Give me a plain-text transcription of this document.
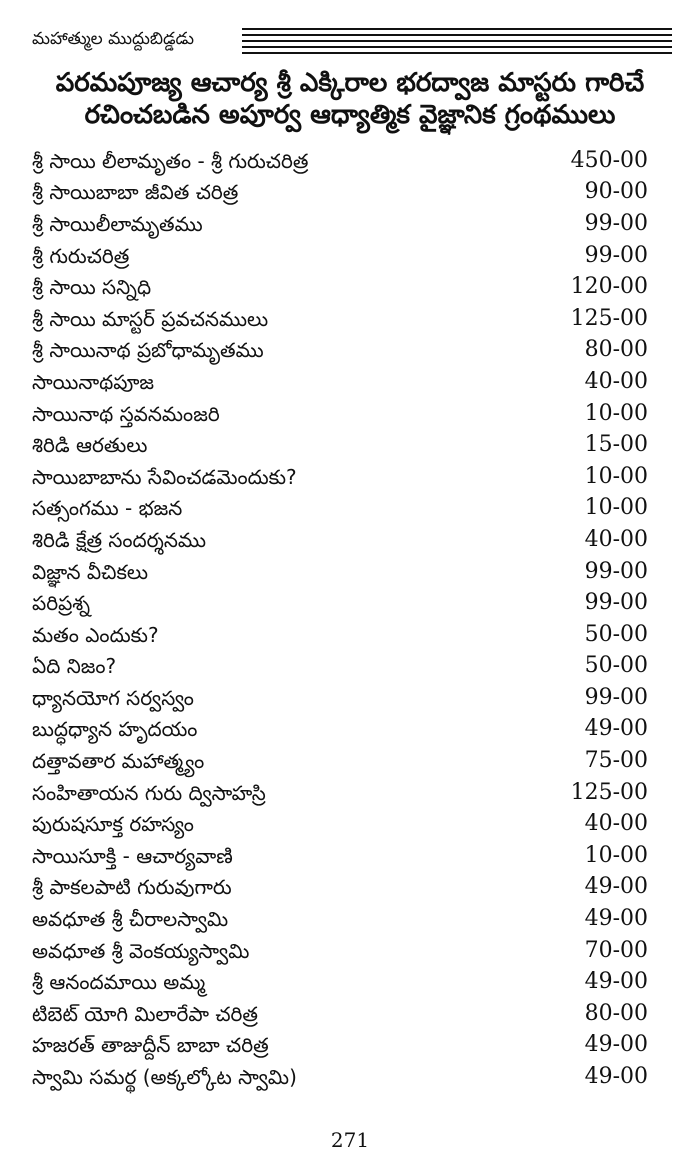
మహాత్ముల ముద్దుబిడ్డడు
పరమపూజ్య ఆచార్య శ్రీ ఎక్కిరాల భరద్వాజ మాస్టరు గారిచే
రచించబడిన అపూర్వ ఆధ్యాత్మిక వైజ్ఞానిక గ్రంథములు
శ్రీ సాయి లీలామృతం - శ్రీ గురుచరిత్ర	450-00
శ్రీ సాయిబాబా జీవిత చరిత్ర	90-00
శ్రీ సాయిలీలామృతము	99-00
శ్రీ గురుచరిత్ర	99-00
శ్రీ సాయి సన్నిధి	120-00
శ్రీ సాయి మాస్టర్ ప్రవచనములు	125-00
శ్రీ సాయినాథ ప్రబోధామృతము	80-00
సాయినాథపూజ	40-00
సాయినాథ స్తవనమంజరి	10-00
శిరిడి ఆరతులు	15-00
సాయిబాబాను సేవించడమెందుకు?	10-00
సత్సంగము - భజన	10-00
శిరిడి క్షేత్ర సందర్శనము	40-00
విజ్ఞాన వీచికలు	99-00
పరిప్రశ్న	99-00
మతం ఎందుకు?	50-00
ఏది నిజం?	50-00
ధ్యానయోగ సర్వస్వం	99-00
బుద్ధధ్యాన హృదయం	49-00
దత్తావతార మహాత్మ్యం	75-00
సంహితాయన గురు ద్విసాహస్రి	125-00
పురుషసూక్త రహస్యం	40-00
సాయిసూక్తి - ఆచార్యవాణి	10-00
శ్రీ పాకలపాటి గురువుగారు	49-00
అవధూత శ్రీ చీరాలస్వామి	49-00
అవధూత శ్రీ వెంకయ్యస్వామి	70-00
శ్రీ ఆనందమాయి అమ్మ	49-00
టిబెట్ యోగి మిలారేపా చరిత్ర	80-00
హజరత్ తాజుద్దీన్ బాబా చరిత్ర	49-00
స్వామి సమర్థ (అక్కల్కోట స్వామి)	49-00
271
